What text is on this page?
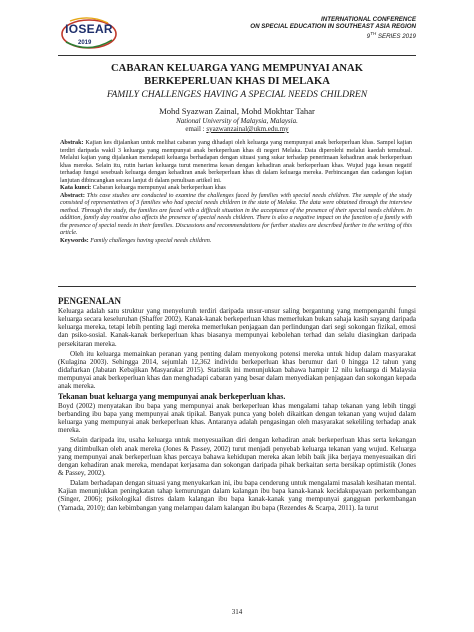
IOSEAR
2019
INTERNATIONAL CONFERENCE
ON SPECIAL EDUCATION IN SOUTHEAST ASIA REGION
9TH SERIES 2019
CABARAN KELUARGA YANG MEMPUNYAI ANAK
BERKEPERLUAN KHAS DI MELAKA
FAMILY CHALLENGES HAVING A SPECIAL NEEDS CHILDREN
Mohd Syazwan Zainal, Mohd Mokhtar Tahar
National University of Malaysia, Malaysia.
email : syazwanzainal@ukm.edu.my

Abstrak: Kajian kes dijalankan untuk melihat cabaran yang dihadapi oleh keluarga yang mempunyai anak berkeperluan khas. Sampel kajian terdiri daripada wakil 3 keluarga yang mempunyai anak berkeperluan khas di negeri Melaka. Data diperolehi melalui kaedah temubual. Melalui kajian yang dijalankan mendapati keluarga berhadapan dengan situasi yang sukar terhadap penerimaan kehadiran anak berkeperluan khas mereka. Selain itu, rutin harian keluarga turut menerima kesan dengan kehadiran anak berkeperluan khas. Wujud juga kesan negatif terhadap fungsi sesebuah keluarga dengan kehadiran anak berkeperluan khas di dalam keluarga mereka. Perbincangan dan cadangan kajian lanjutan dibincangkan secara lanjut di dalam penulisan artikel ini.

Kata kunci: Cabaran keluarga mempunyai anak berkeperluan khas

Abstract: This case studies are conducted to examine the challenges faced by families with special needs children. The sample of the study consisted of representatives of 3 families who had special needs children in the state of Melaka. The data were obtained through the interview method. Through the study, the families are faced with a difficult situation in the acceptance of the presence of their special needs children. In addition, family day routine also affects the presence of special needs children. There is also a negative impact on the function of a family with the presence of special needs in their families. Discussions and recommendations for further studies are described further in the writing of this article.

Keywords: Family challenges having special needs children.

PENGENALAN

Keluarga adalah satu struktur yang menyeluruh terdiri daripada unsur-unsur saling bergantung yang mempengaruhi fungsi keluarga secara keseluruhan (Shaffer 2002). Kanak-kanak berkeperluan khas memerlukan bukan sahaja kasih sayang daripada keluarga mereka, tetapi lebih penting lagi mereka memerlukan penjagaan dan perlindungan dari segi sokongan fizikal, emosi dan psiko-sosial. Kanak-kanak berkeperluan khas biasanya mempunyai kebolehan terhad dan selalu diasingkan daripada persekitaran mereka.

Oleh itu keluarga memainkan peranan yang penting dalam menyokong potensi mereka untuk hidup dalam masyarakat (Kulagina 2003). Sehingga 2014, sejumlah 12,362 individu berkeperluan khas berumur dari 0 hingga 12 tahun yang didaftarkan (Jabatan Kebajikan Masyarakat 2015). Statistik ini menunjukkan bahawa hampir 12 nilu keluarga di Malaysia mempunyai anak berkeperluan khas dan menghadapi cabaran yang besar dalam menyediakan penjagaan dan sokongan kepada anak mereka.

Tekanan buat keluarga yang mempunyai anak berkeperluan khas.

Boyd (2002) menyatakan ibu bapa yang mempunyai anak berkeperluan khas mengalami tahap tekanan yang lebih tinggi berbanding ibu bapa yang mempunyai anak tipikal. Banyak punca yang boleh dikaitkan dengan tekanan yang wujud dalam keluarga yang mempunyai anak berkeperluan khas. Antaranya adalah pengasingan oleh masyarakat sekeliling terhadap anak mereka.

Selain daripada itu, usaha keluarga untuk menyesuaikan diri dengan kehadiran anak berkeperluan khas serta kekangan yang ditimbulkan oleh anak mereka (Jones & Passey, 2002) turut menjadi penyebab keluarga tekanan yang wujud. Keluarga yang mempunyai anak berkeperluan khas percaya bahawa kehidupan mereka akan lebih baik jika berjaya menyesuaikan diri dengan kehadiran anak mereka, mendapat kerjasama dan sokongan daripada pihak berkaitan serta bersikap optimistik (Jones & Passey, 2002).

Dalam berhadapan dengan situasi yang menyukarkan ini, ibu bapa cenderung untuk mengalami masalah kesihatan mental. Kajian menunjukkan peningkatan tahap kemurungan dalam kalangan ibu bapa kanak-kanak kecidakupayaan perkembangan (Singer, 2006); psikologikal distres dalam kalangan ibu bapa kanak-kanak yang mempunyai gangguan perkembangan (Yamada, 2010); dan kebimbangan yang melampau dalam kalangan ibu bapa (Rezendes & Scarpa, 2011). Ia turut

314
